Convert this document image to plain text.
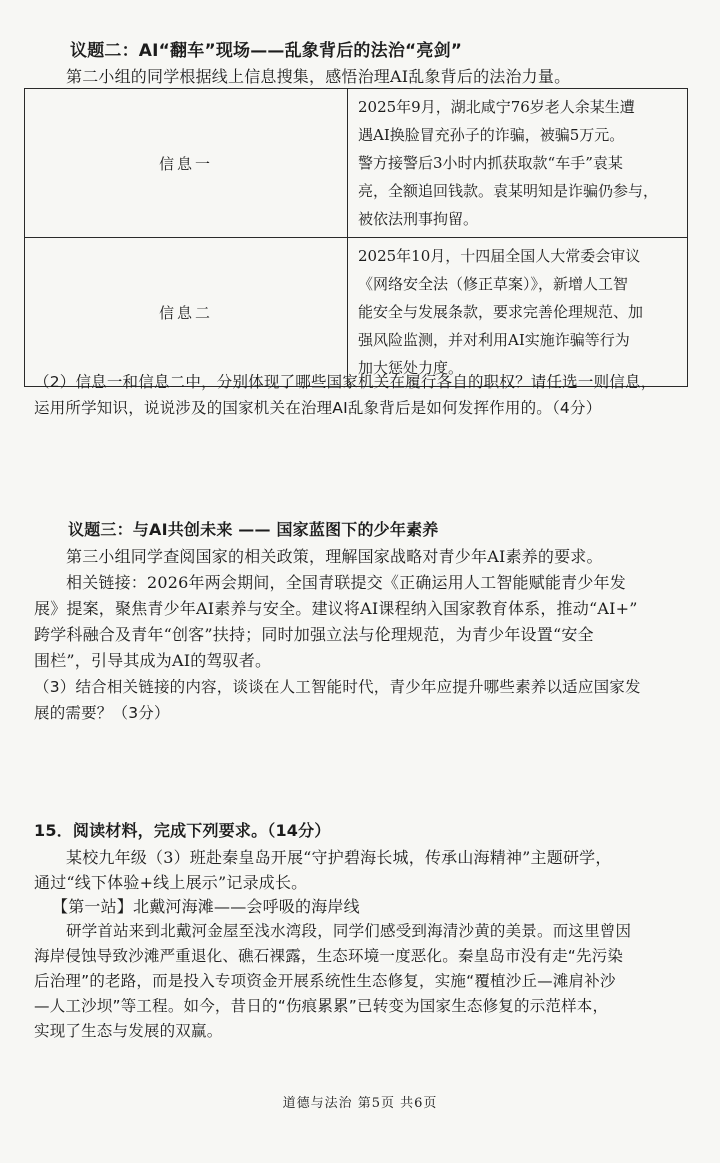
议题二：AI“翻车”现场——乱象背后的法治“亮剑”
第二小组的同学根据线上信息搜集，感悟治理AI乱象背后的法治力量。
信息一	2025年9月，湖北咸宁76岁老人余某生遭
遇AI换脸冒充孙子的诈骗，被骗5万元。
警方接警后3小时内抓获取款“车手”袁某
亮，全额追回钱款。袁某明知是诈骗仍参与，
被依法刑事拘留。

信息二	2025年10月，十四届全国人大常委会审议
《网络安全法（修正草案）》，新增人工智
能安全与发展条款，要求完善伦理规范、加
强风险监测，并对利用AI实施诈骗等行为
加大惩处力度。
（2）信息一和信息二中，分别体现了哪些国家机关在履行各自的职权？请任选一则信息，
运用所学知识，说说涉及的国家机关在治理AI乱象背后是如何发挥作用的。（4分）
议题三：与AI共创未来 —— 国家蓝图下的少年素养
第三小组同学查阅国家的相关政策，理解国家战略对青少年AI素养的要求。
相关链接：2026年两会期间，全国青联提交《正确运用人工智能赋能青少年发
展》提案，聚焦青少年AI素养与安全。建议将AI课程纳入国家教育体系，推动“AI+”
跨学科融合及青年“创客”扶持；同时加强立法与伦理规范，为青少年设置“安全
围栏”，引导其成为AI的驾驭者。
（3）结合相关链接的内容，谈谈在人工智能时代，青少年应提升哪些素养以适应国家发
展的需要？（3分）
15．阅读材料，完成下列要求。（14分）
某校九年级（3）班赴秦皇岛开展“守护碧海长城，传承山海精神”主题研学，
通过“线下体验+线上展示”记录成长。
【第一站】北戴河海滩——会呼吸的海岸线
研学首站来到北戴河金屋至浅水湾段，同学们感受到海清沙黄的美景。而这里曾因
海岸侵蚀导致沙滩严重退化、礁石裸露，生态环境一度恶化。秦皇岛市没有走“先污染
后治理”的老路，而是投入专项资金开展系统性生态修复，实施“覆植沙丘—滩肩补沙
—人工沙坝”等工程。如今，昔日的“伤痕累累”已转变为国家生态修复的示范样本，
实现了生态与发展的双赢。
道德与法治 第5页 共6页
